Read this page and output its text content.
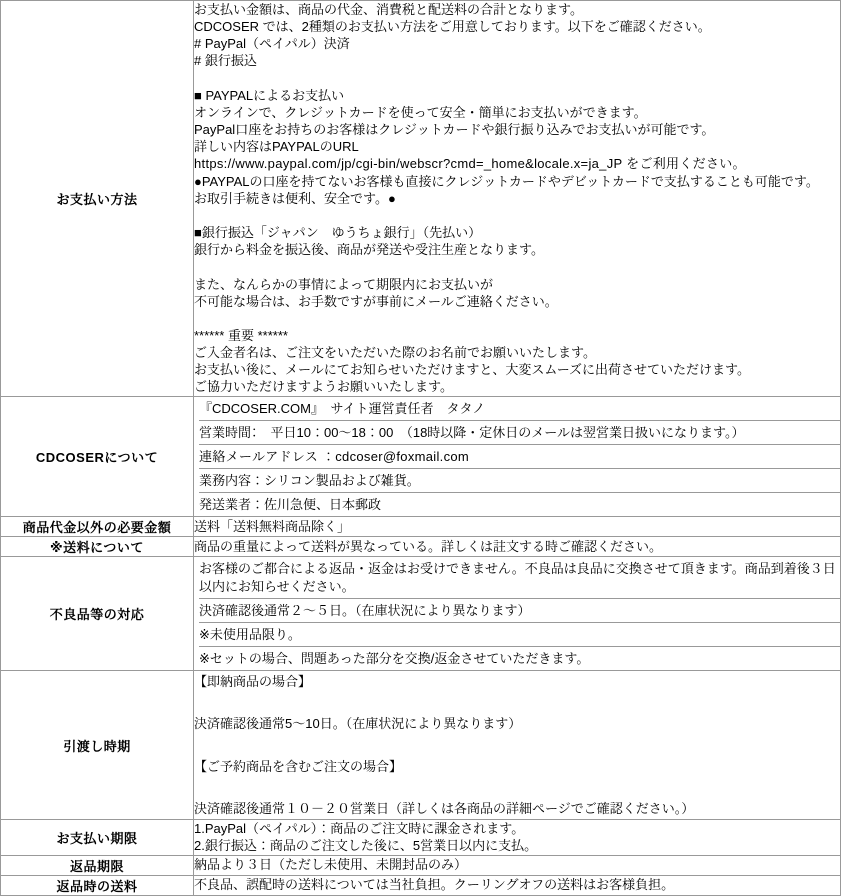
お支払い方法	
お支払い金額は、商品の代金、消費税と配送料の合計となります。
CDCOSER では、2種類のお支払い方法をご用意しております。以下をご確認ください。
# PayPal（ペイパル）決済
# 銀行振込
■ PAYPALによるお支払い
オンラインで、クレジットカードを使って安全・簡単にお支払いができます。
PayPal口座をお持ちのお客様はクレジットカードや銀行振り込みでお支払いが可能です。
詳しい内容はPAYPALのURL
https://www.paypal.com/jp/cgi-bin/webscr?cmd=_home&locale.x=ja_JP をご利用ください。
●PAYPALの口座を持てないお客様も直接にクレジットカードやデビットカードで支払することも可能です。
お取引手続きは便利、安全です。●
■銀行振込「ジャパン　ゆうちょ銀行」（先払い）
銀行から料金を振込後、商品が発送や受注生産となります。
また、なんらかの事情によって期限内にお支払いが
不可能な場合は、お手数ですが事前にメールご連絡ください。
****** 重要 ******
ご入金者名は、ご注文をいただいた際のお名前でお願いいたします。
お支払い後に、メールにてお知らせいただけますと、大変スムーズに出荷させていただけます。
ご協力いただけますようお願いいたします。

CDCOSERについて	『CDCOSER.COM』　サイト運営責任者　タタノ
営業時間：　平日10：00～18：00　（18時以降・定休日のメールは翌営業日扱いになります。）
連絡メールアドレス ：cdcoser@foxmail.com
業務内容：シリコン製品および雑貨。
発送業者：佐川急便、日本郵政

商品代金以外の必要金額	送料「送料無料商品除く」

※送料について	商品の重量によって送料が異なっている。詳しくは註文する時ご確認ください。

不良品等の対応	お客様のご都合による返品・返金はお受けできません。不良品は良品に交換させて頂きます。商品到着後３日以内にお知らせください。
決済確認後通常２～５日。（在庫状況により異なります）
※未使用品限り。
※セットの場合、問題あった部分を交換/返金させていただきます。

引渡し時期	【即納商品の場合】
決済確認後通常5～10日。（在庫状況により異なります）
【ご予約商品を含むご注文の場合】
決済確認後通常１０－２０営業日（詳しくは各商品の詳細ページでご確認ください。）

お支払い期限	1.PayPal（ペイパル）：商品のご注文時に課金されます。
2.銀行振込：商品のご注文した後に、5営業日以内に支払。

返品期限	納品より３日（ただし未使用、未開封品のみ）

返品時の送料	不良品、誤配時の送料については当社負担。クーリングオフの送料はお客様負担。
